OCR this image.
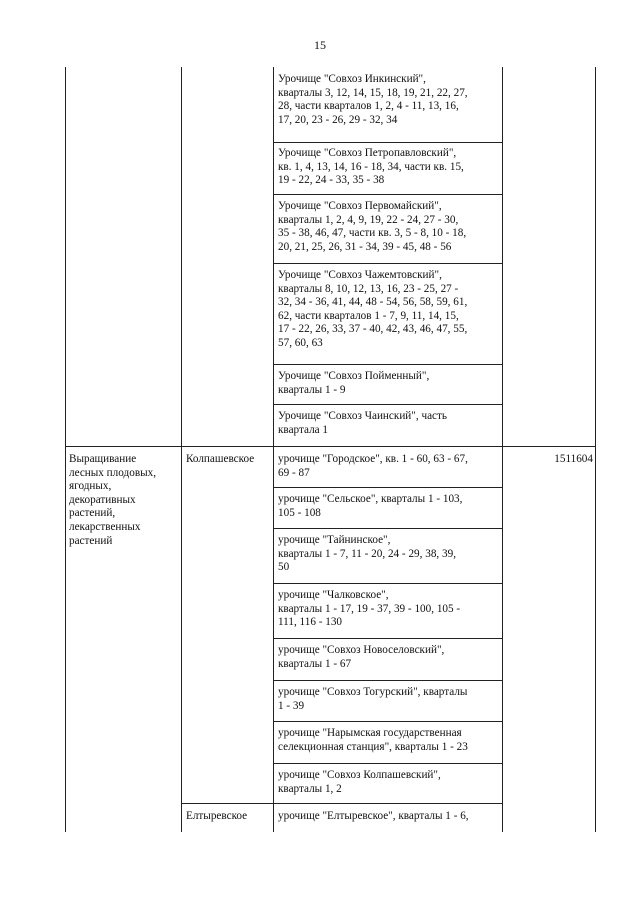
15
Урочище "Совхоз Инкинский",
кварталы 3, 12, 14, 15, 18, 19, 21, 22, 27,
28, части кварталов 1, 2, 4 - 11, 13, 16,
17, 20, 23 - 26, 29 - 32, 34
Урочище "Совхоз Петропавловский",
кв. 1, 4, 13, 14, 16 - 18, 34, части кв. 15,
19 - 22, 24 - 33, 35 - 38
Урочище "Совхоз Первомайский",
кварталы 1, 2, 4, 9, 19, 22 - 24, 27 - 30,
35 - 38, 46, 47, части кв. 3, 5 - 8, 10 - 18,
20, 21, 25, 26, 31 - 34, 39 - 45, 48 - 56
Урочище "Совхоз Чажемтовский",
кварталы 8, 10, 12, 13, 16, 23 - 25, 27 -
32, 34 - 36, 41, 44, 48 - 54, 56, 58, 59, 61,
62, части кварталов 1 - 7, 9, 11, 14, 15,
17 - 22, 26, 33, 37 - 40, 42, 43, 46, 47, 55,
57, 60, 63
Урочище "Совхоз Пойменный",
кварталы 1 - 9
Урочище "Совхоз Чаинский", часть
квартала 1
Выращивание
лесных плодовых,
ягодных,
декоративных
растений,
лекарственных
растений
Колпашевское	1511604
урочище "Городское", кв. 1 - 60, 63 - 67,
69 - 87
урочище "Сельское", кварталы 1 - 103,
105 - 108
урочище "Тайнинское",
кварталы 1 - 7, 11 - 20, 24 - 29, 38, 39,
50
урочище "Чалковское",
кварталы 1 - 17, 19 - 37, 39 - 100, 105 -
111, 116 - 130
урочище "Совхоз Новоселовский",
кварталы 1 - 67
урочище "Совхоз Тогурский", кварталы
1 - 39
урочище "Нарымская государственная
селекционная станция", кварталы 1 - 23
урочище "Совхоз Колпашевский",
кварталы 1, 2
Елтыревское	урочище "Елтыревское", кварталы 1 - 6,
